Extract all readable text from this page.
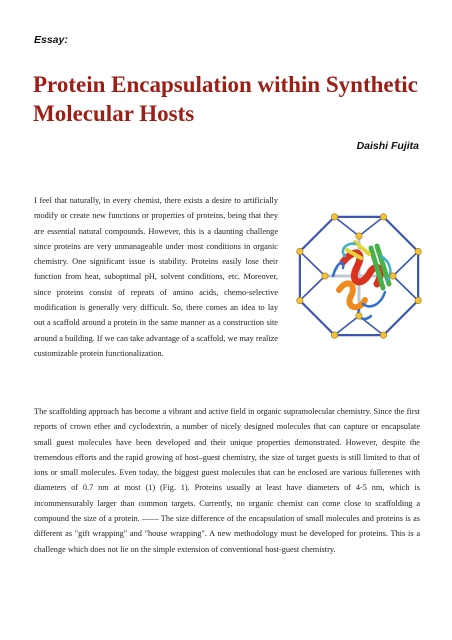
Essay:
Protein Encapsulation within Synthetic Molecular Hosts
Daishi Fujita

I feel that naturally, in every chemist, there exists a desire to artificially modify or create new functions or properties of proteins, being that they are essential natural compounds. However, this is a daunting challenge since proteins are very unmanageable under most conditions in organic chemistry. One significant issue is stability. Proteins easily lose their function from heat, suboptimal pH, solvent conditions, etc. Moreover, since proteins consist of repeats of amino acids, chemo-selective modification is generally very difficult. So, there comes an idea to lay out a scaffold around a protein in the same manner as a construction site around a building. If we can take advantage of a scaffold, we may realize customizable protein functionalization.

The scaffolding approach has become a vibrant and active field in organic supramolecular chemistry. Since the first reports of crown ether and cyclodextrin, a number of nicely designed molecules that can capture or encapsulate small guest molecules have been developed and their unique properties demonstrated. However, despite the tremendous efforts and the rapid growing of host–guest chemistry, the size of target guests is still limited to that of ions or small molecules. Even today, the biggest guest molecules that can be enclosed are various fullerenes with diameters of 0.7 nm at most (1) (Fig. 1). Proteins usually at least have diameters of 4-5 nm, which is incommensurably larger than common targets. Currently, no organic chemist can come close to scaffolding a compound the size of a protein. —— The size difference of the encapsulation of small molecules and proteins is as different as "gift wrapping" and "house wrapping". A new methodology must be developed for proteins. This is a challenge which does not lie on the simple extension of conventional host-guest chemistry.
